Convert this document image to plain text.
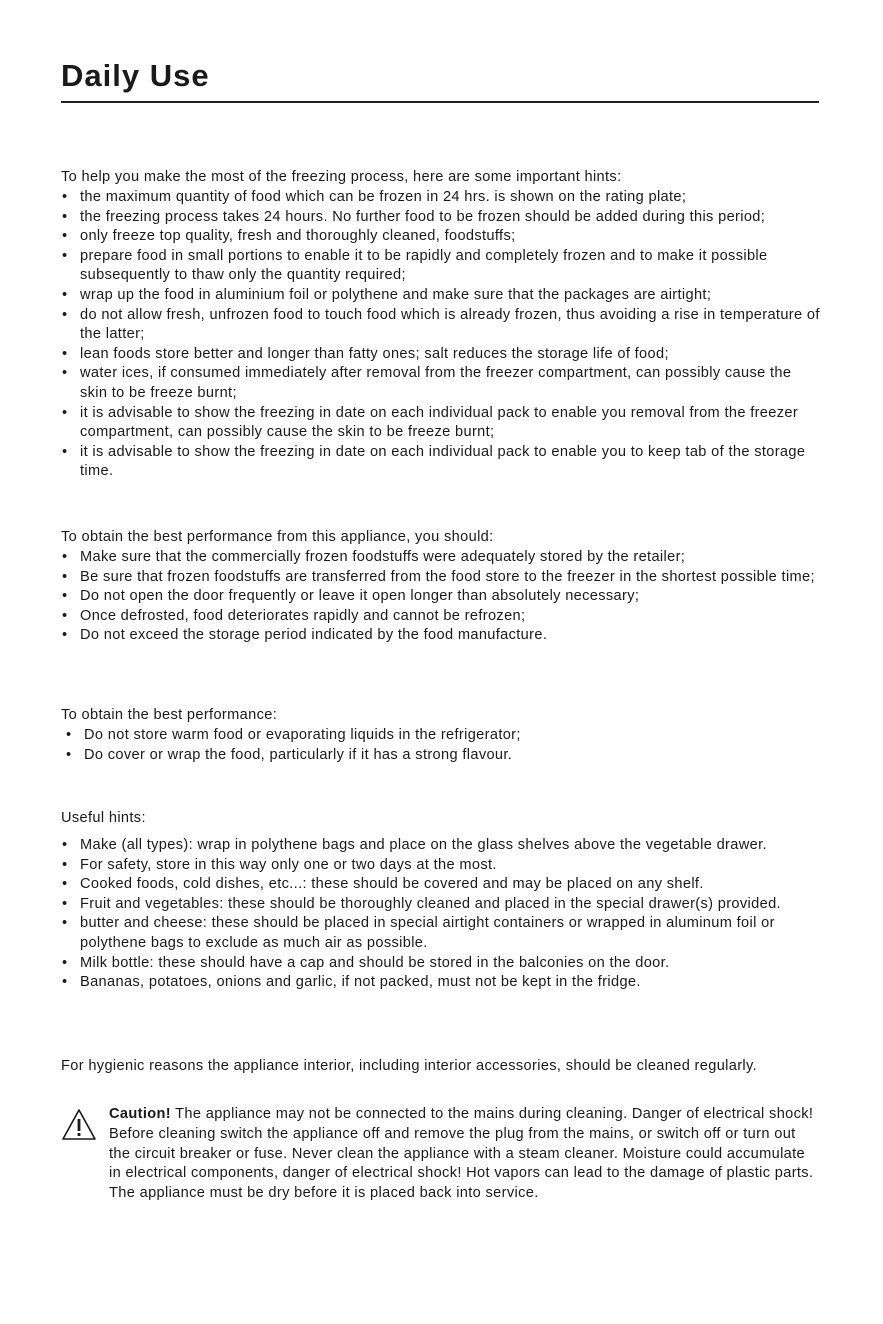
Daily Use

To help you make the most of the freezing process, here are some important hints:

• the maximum quantity of food which can be frozen in 24 hrs. is shown on the rating plate;
• the freezing process takes 24 hours. No further food to be frozen should be added during this period;
• only freeze top quality, fresh and thoroughly cleaned, foodstuffs;
• prepare food in small portions to enable it to be rapidly and completely frozen and to make it possible subsequently to thaw only the quantity required;
• wrap up the food in aluminium foil or polythene and make sure that the packages are airtight;
• do not allow fresh, unfrozen food to touch food which is already frozen, thus avoiding a rise in temperature of the latter;
• lean foods store better and longer than fatty ones; salt reduces the storage life of food;
• water ices, if consumed immediately after removal from the freezer compartment, can possibly cause the skin to be freeze burnt;
• it is advisable to show the freezing in date on each individual pack to enable you removal from the freezer compartment, can possibly cause the skin to be freeze burnt;
• it is advisable to show the freezing in date on each individual pack to enable you to keep tab of the storage time.

To obtain the best performance from this appliance, you should:

• Make sure that the commercially frozen foodstuffs were adequately stored by the retailer;
• Be sure that frozen foodstuffs are transferred from the food store to the freezer in the shortest possible time;
• Do not open the door frequently or leave it open longer than absolutely necessary;
• Once defrosted, food deteriorates rapidly and cannot be refrozen;
• Do not exceed the storage period indicated by the food manufacture.

To obtain the best performance:

• Do not store warm food or evaporating liquids in the refrigerator;
• Do cover or wrap the food, particularly if it has a strong flavour.

Useful hints:

• Make (all types): wrap in polythene bags and place on the glass shelves above the vegetable drawer.
• For safety, store in this way only one or two days at the most.
• Cooked foods, cold dishes, etc...: these should be covered and may be placed on any shelf.
• Fruit and vegetables: these should be thoroughly cleaned and placed in the special drawer(s) provided.
• butter and cheese: these should be placed in special airtight containers or wrapped in aluminum foil or polythene bags to exclude as much air as possible.
• Milk bottle: these should have a cap and should be stored in the balconies on the door.
• Bananas, potatoes, onions and garlic, if not packed, must not be kept in the fridge.

For hygienic reasons the appliance interior, including interior accessories, should be cleaned regularly.

Caution! The appliance may not be connected to the mains during cleaning. Danger of electrical shock! Before cleaning switch the appliance off and remove the plug from the mains, or switch off or turn out the circuit breaker or fuse. Never clean the appliance with a steam cleaner. Moisture could accumulate in electrical components, danger of electrical shock! Hot vapors can lead to the damage of plastic parts. The appliance must be dry before it is placed back into service.
